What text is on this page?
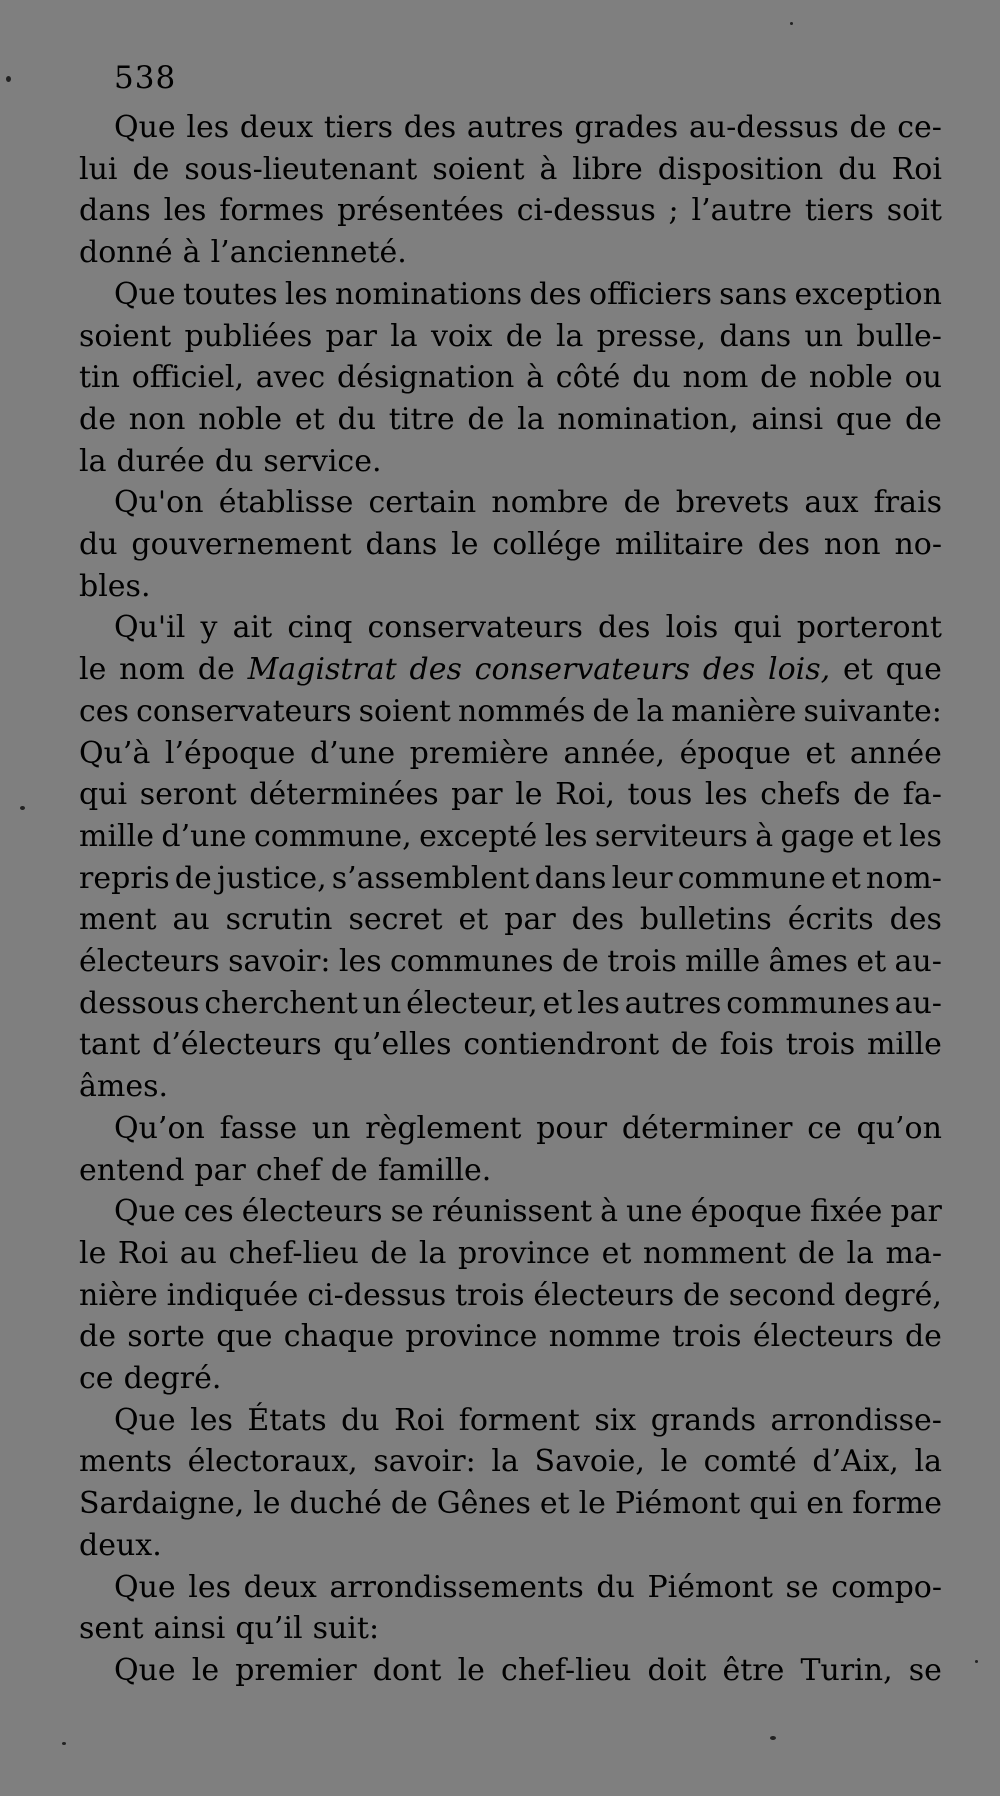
538
Que les deux tiers des autres grades au-dessus de ce-
lui de sous-lieutenant soient à libre disposition du Roi
dans les formes présentées ci-dessus ; l’autre tiers soit
donné à l’ancienneté.
Que toutes les nominations des officiers sans exception
soient publiées par la voix de la presse, dans un bulle-
tin officiel, avec désignation à côté du nom de noble ou
de non noble et du titre de la nomination, ainsi que de
la durée du service.
Qu'on établisse certain nombre de brevets aux frais
du gouvernement dans le collége militaire des non no-
bles.
Qu'il y ait cinq conservateurs des lois qui porteront
le nom de Magistrat des conservateurs des lois, et que
ces conservateurs soient nommés de la manière suivante:
Qu’à l’époque d’une première année, époque et année
qui seront déterminées par le Roi, tous les chefs de fa-
mille d’une commune, excepté les serviteurs à gage et les
repris de justice, s’assemblent dans leur commune et nom-
ment au scrutin secret et par des bulletins écrits des
électeurs savoir: les communes de trois mille âmes et au-
dessous cherchent un électeur, et les autres communes au-
tant d’électeurs qu’elles contiendront de fois trois mille
âmes.
Qu’on fasse un règlement pour déterminer ce qu’on
entend par chef de famille.
Que ces électeurs se réunissent à une époque fixée par
le Roi au chef-lieu de la province et nomment de la ma-
nière indiquée ci-dessus trois électeurs de second degré,
de sorte que chaque province nomme trois électeurs de
ce degré.
Que les États du Roi forment six grands arrondisse-
ments électoraux, savoir: la Savoie, le comté d’Aix, la
Sardaigne, le duché de Gênes et le Piémont qui en forme
deux.
Que les deux arrondissements du Piémont se compo-
sent ainsi qu’il suit:
Que le premier dont le chef-lieu doit être Turin, se
